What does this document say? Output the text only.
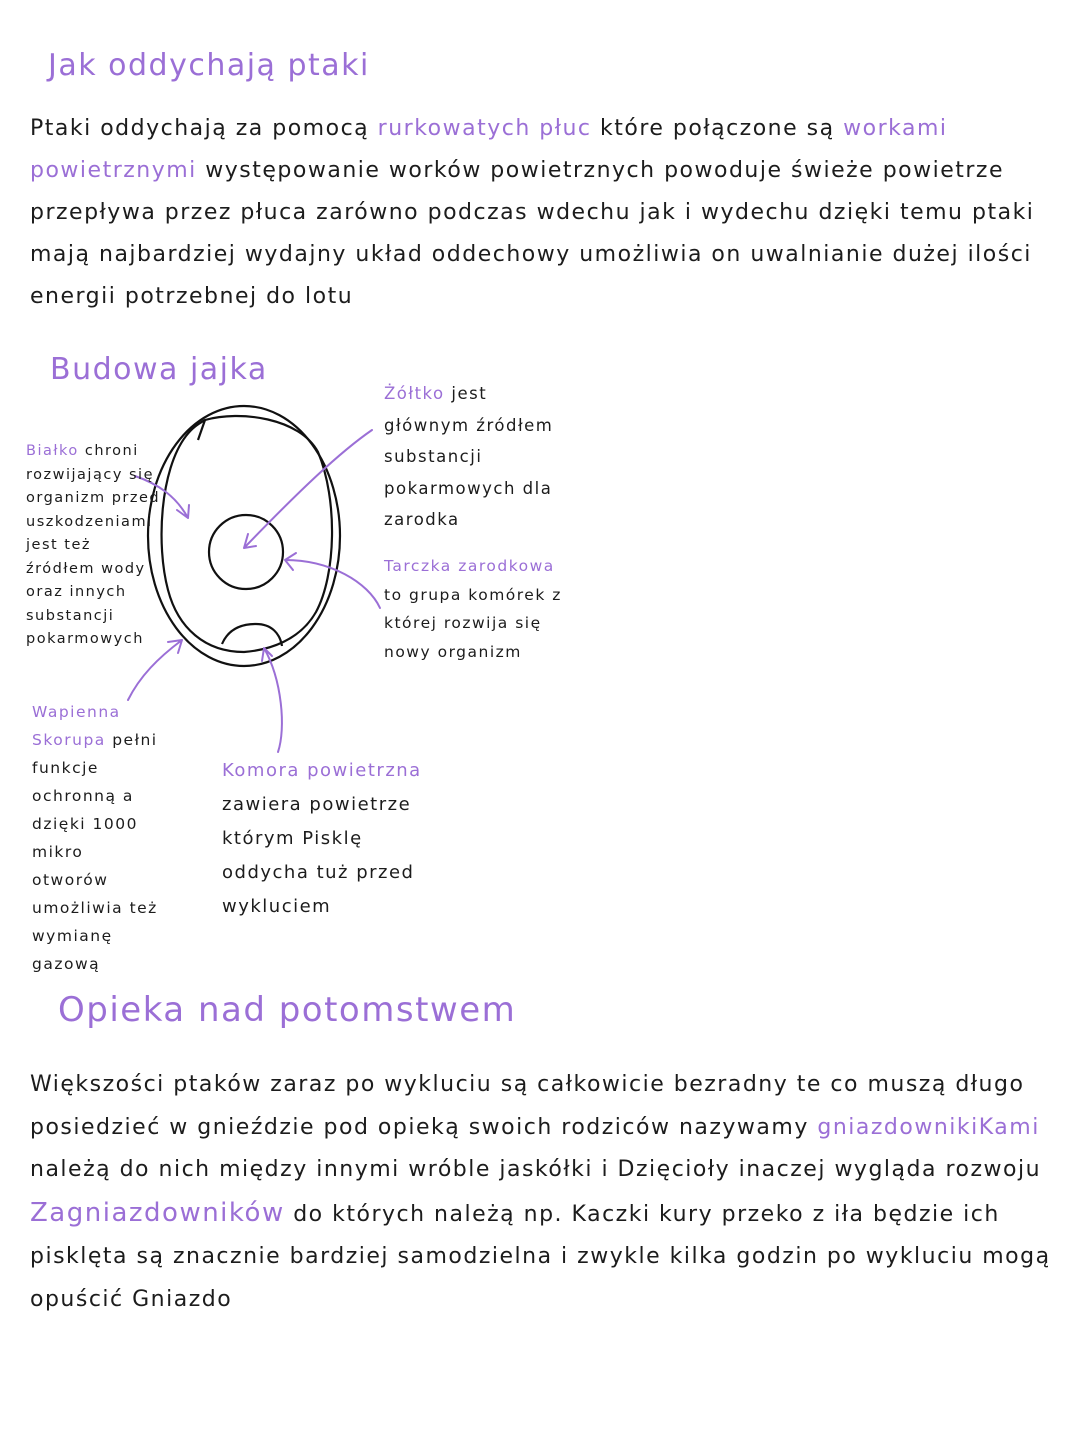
Jak oddychają ptaki

Ptaki oddychają za pomocą rurkowatych płuc które połączone są workami powietrznymi występowanie worków powietrznych powoduje świeże powietrze przepływa przez płuca zarówno podczas wdechu jak i wydechu dzięki temu ptaki mają najbardziej wydajny układ oddechowy umożliwia on uwalnianie dużej ilości energii potrzebnej do lotu

Budowa jajka
Białko chroni rozwijający się organizm przed uszkodzeniami jest też źródłem wody oraz innych substancji pokarmowych
Wapienna Skorupa pełni funkcje ochronną a dzięki 1000 mikro otworów umożliwia też wymianę gazową
Komora powietrzna zawiera powietrze którym Pisklę oddycha tuż przed wykluciem
Żółtko jest głównym źródłem substancji pokarmowych dla zarodka
Tarczka zarodkowa to grupa komórek z której rozwija się nowy organizm
Opieka nad potomstwem

Większości ptaków zaraz po wykluciu są całkowicie bezradny te co muszą długo posiedzieć w gnieździe pod opieką swoich rodziców nazywamy gniazdownikiKami należą do nich między innymi wróble jaskółki i Dzięcioły inaczej wygląda rozwoju Zagniazdowników do których należą np. Kaczki kury przeko z iła będzie ich pisklęta są znacznie bardziej samodzielna i zwykle kilka godzin po wykluciu mogą opuścić Gniazdo
